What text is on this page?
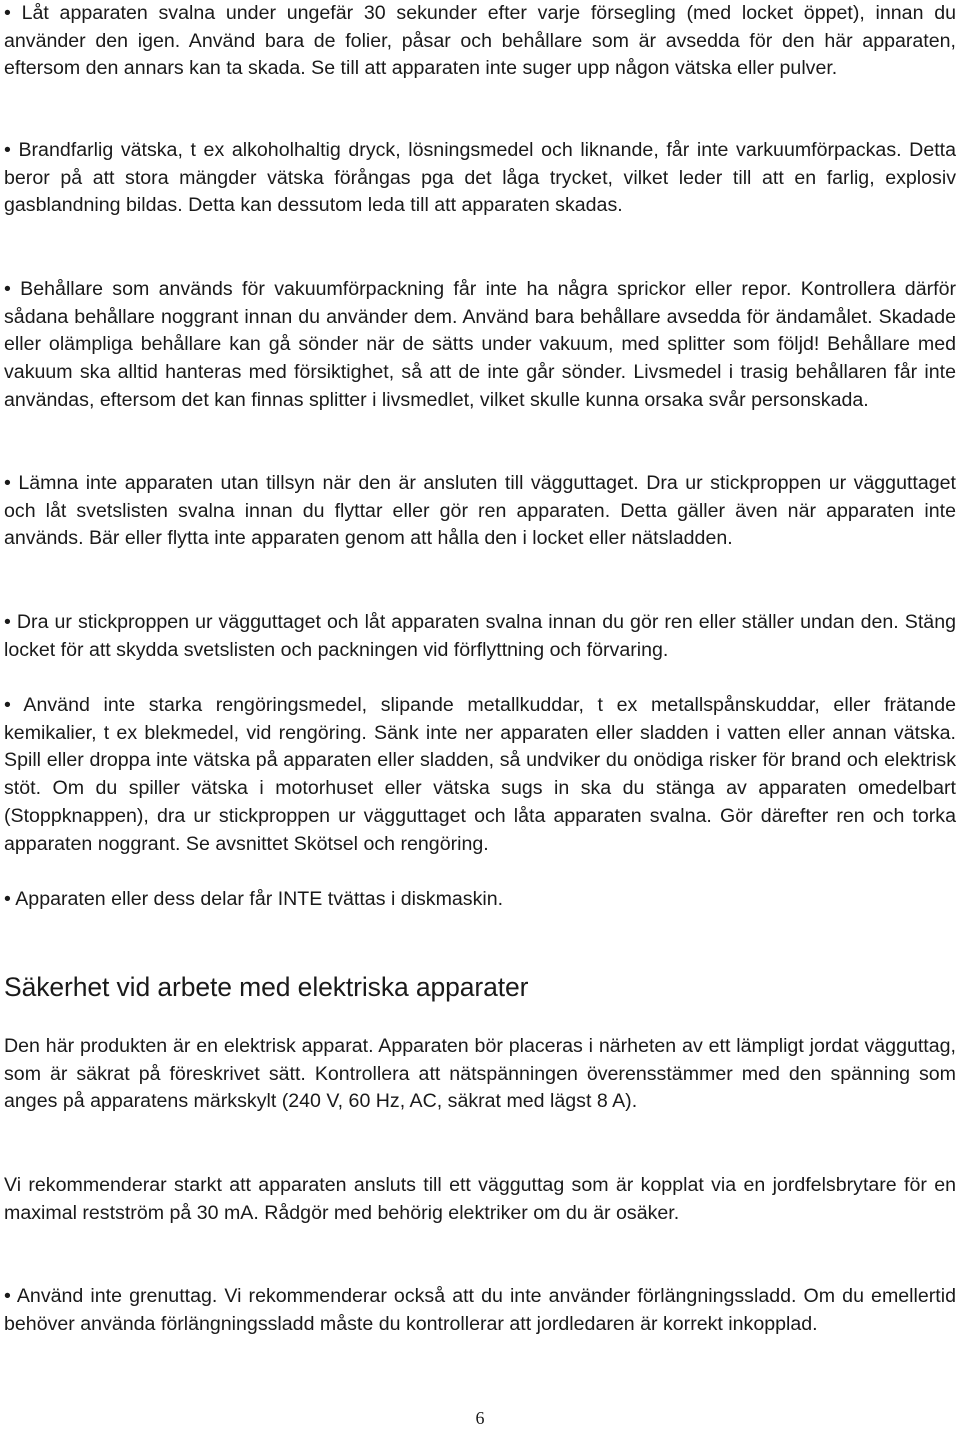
• Låt apparaten svalna under ungefär 30 sekunder efter varje försegling (med locket öppet), innan du använder den igen. Använd bara de folier, påsar och behållare som är avsedda för den här apparaten, eftersom den annars kan ta skada. Se till att apparaten inte suger upp någon vätska eller pulver.

• Brandfarlig vätska, t ex alkoholhaltig dryck, lösningsmedel och liknande, får inte varkuumförpackas. Detta beror på att stora mängder vätska förångas pga det låga trycket, vilket leder till att en farlig, explosiv gasblandning bildas. Detta kan dessutom leda till att apparaten skadas.

• Behållare som används för vakuumförpackning får inte ha några sprickor eller repor. Kontrollera därför sådana behållare noggrant innan du använder dem. Använd bara behållare avsedda för ändamålet. Skadade eller olämpliga behållare kan gå sönder när de sätts under vakuum, med splitter som följd! Behållare med vakuum ska alltid hanteras med försiktighet, så att de inte går sönder. Livsmedel i trasig behållaren får inte användas, eftersom det kan finnas splitter i livsmedlet, vilket skulle kunna orsaka svår personskada.

• Lämna inte apparaten utan tillsyn när den är ansluten till vägguttaget. Dra ur stickproppen ur vägguttaget och låt svetslisten svalna innan du flyttar eller gör ren apparaten. Detta gäller även när apparaten inte används. Bär eller flytta inte apparaten genom att hålla den i locket eller nätsladden.

• Dra ur stickproppen ur vägguttaget och låt apparaten svalna innan du gör ren eller ställer undan den. Stäng locket för att skydda svetslisten och packningen vid förflyttning och förvaring.

• Använd inte starka rengöringsmedel, slipande metallkuddar, t ex metallspånskuddar, eller frätande kemikalier, t ex blekmedel, vid rengöring. Sänk inte ner apparaten eller sladden i vatten eller annan vätska. Spill eller droppa inte vätska på apparaten eller sladden, så undviker du onödiga risker för brand och elektrisk stöt. Om du spiller vätska i motorhuset eller vätska sugs in ska du stänga av apparaten omedelbart (Stoppknappen), dra ur stickproppen ur vägguttaget och låta apparaten svalna. Gör därefter ren och torka apparaten noggrant. Se avsnittet Skötsel och rengöring.

• Apparaten eller dess delar får INTE tvättas i diskmaskin.

Säkerhet vid arbete med elektriska apparater

Den här produkten är en elektrisk apparat. Apparaten bör placeras i närheten av ett lämpligt jordat vägguttag, som är säkrat på föreskrivet sätt. Kontrollera att nätspänningen överensstämmer med den spänning som anges på apparatens märkskylt (240 V, 60 Hz, AC, säkrat med lägst 8 A).

Vi rekommenderar starkt att apparaten ansluts till ett vägguttag som är kopplat via en jordfelsbrytare för en maximal restström på 30 mA. Rådgör med behörig elektriker om du är osäker.

• Använd inte grenuttag. Vi rekommenderar också att du inte använder förlängningssladd. Om du emellertid behöver använda förlängningssladd måste du kontrollerar att jordledaren är korrekt inkopplad.

6
